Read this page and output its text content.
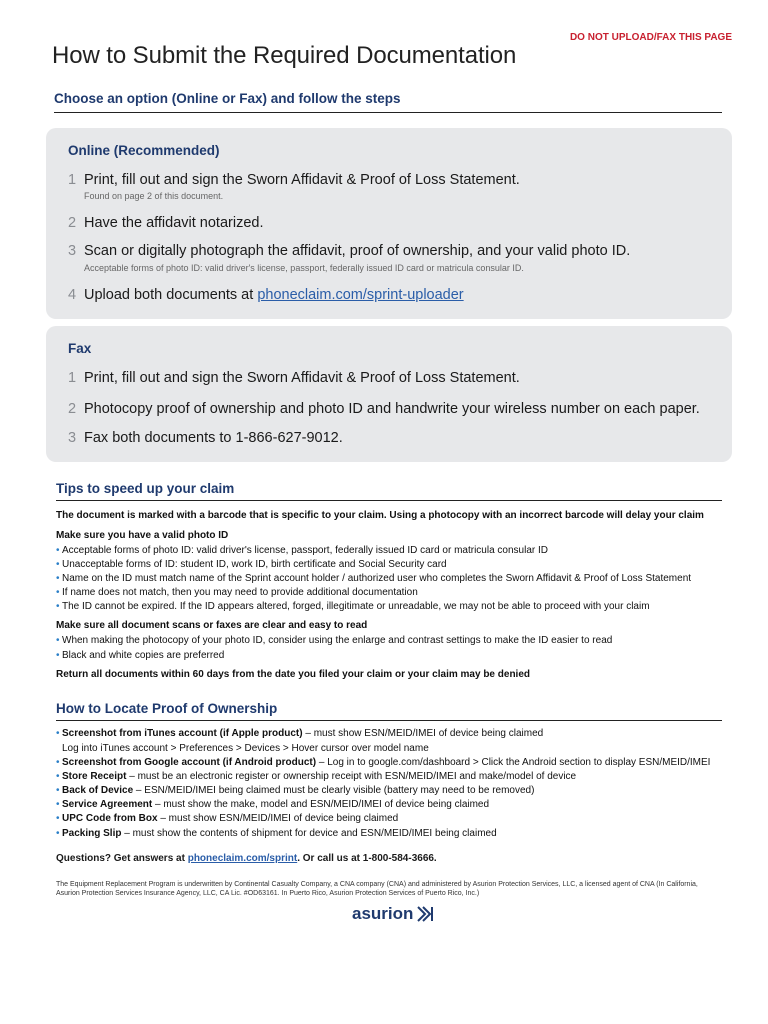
DO NOT UPLOAD/FAX THIS PAGE
How to Submit the Required Documentation
Choose an option (Online or Fax) and follow the steps
Online (Recommended)
1 Print, fill out and sign the Sworn Affidavit & Proof of Loss Statement.
Found on page 2 of this document.
2 Have the affidavit notarized.
3 Scan or digitally photograph the affidavit, proof of ownership, and your valid photo ID.
Acceptable forms of photo ID: valid driver's license, passport, federally issued ID card or matricula consular ID.
4 Upload both documents at phoneclaim.com/sprint-uploader
Fax
1 Print, fill out and sign the Sworn Affidavit & Proof of Loss Statement.
2 Photocopy proof of ownership and photo ID and handwrite your wireless number on each paper.
3 Fax both documents to 1-866-627-9012.
Tips to speed up your claim
The document is marked with a barcode that is specific to your claim. Using a photocopy with an incorrect barcode will delay your claim
Make sure you have a valid photo ID
• Acceptable forms of photo ID: valid driver's license, passport, federally issued ID card or matricula consular ID
• Unacceptable forms of ID: student ID, work ID, birth certificate and Social Security card
• Name on the ID must match name of the Sprint account holder / authorized user who completes the Sworn Affidavit & Proof of Loss Statement
• If name does not match, then you may need to provide additional documentation
• The ID cannot be expired. If the ID appears altered, forged, illegitimate or unreadable, we may not be able to proceed with your claim
Make sure all document scans or faxes are clear and easy to read
• When making the photocopy of your photo ID, consider using the enlarge and contrast settings to make the ID easier to read
• Black and white copies are preferred
Return all documents within 60 days from the date you filed your claim or your claim may be denied
How to Locate Proof of Ownership
• Screenshot from iTunes account (if Apple product) – must show ESN/MEID/IMEI of device being claimed
Log into iTunes account > Preferences > Devices > Hover cursor over model name
• Screenshot from Google account (if Android product) – Log in to google.com/dashboard > Click the Android section to display ESN/MEID/IMEI
• Store Receipt – must be an electronic register or ownership receipt with ESN/MEID/IMEI and make/model of device
• Back of Device – ESN/MEID/IMEI being claimed must be clearly visible (battery may need to be removed)
• Service Agreement – must show the make, model and ESN/MEID/IMEI of device being claimed
• UPC Code from Box – must show ESN/MEID/IMEI of device being claimed
• Packing Slip – must show the contents of shipment for device and ESN/MEID/IMEI being claimed
Questions? Get answers at phoneclaim.com/sprint. Or call us at 1-800-584-3666.
The Equipment Replacement Program is underwritten by Continental Casualty Company, a CNA company (CNA) and administered by Asurion Protection Services, LLC, a licensed agent of CNA (In California, Asurion Protection Services Insurance Agency, LLC, CA Lic. #OD63161. In Puerto Rico, Asurion Protection Services of Puerto Rico, Inc.)
asurion
